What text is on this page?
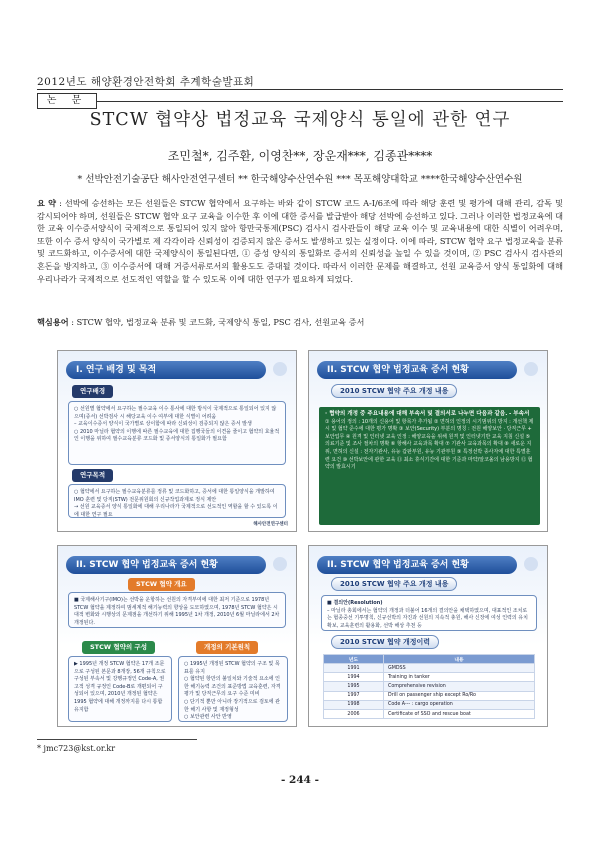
2012년도 해양환경안전학회 추계학술발표회
논 문
STCW 협약상 법정교육 국제양식 통일에 관한 연구
조민철*, 김주환, 이영찬**, 장운재***, 김종관****
* 선박안전기술공단 해사안전연구센터 ** 한국해양수산연수원 *** 목포해양대학교 ****한국해양수산연수원
요 약 : 선박에 승선하는 모든 선원들은 STCW 협약에서 요구하는 바와 같이 STCW 코드 A-I/6조에 따라 해당 훈련 및 평가에 대해 관리, 감독 및 감시되어야 하며, 선원들은 STCW 협약 요구 교육을 이수한 후 이에 대한 증서를 발급받아 해당 선박에 승선하고 있다. 그러나 이러한 법정교육에 대한 교육 이수증서양식이 국제적으로 통일되어 있지 않아 항만국통제(PSC) 검사시 검사관들이 해당 교육 이수 및 교육내용에 대한 식별이 어려우며, 또한 이수 증서 양식이 국가별로 제 각각이라 신뢰성이 검증되지 않은 증서도 발생하고 있는 실정이다. 이에 따라, STCW 협약 요구 법정교육을 분류 및 코드화하고, 이수증서에 대한 국제양식이 통일된다면, ① 증성 양식의 통일화로 증서의 신뢰성을 높일 수 있을 것이며, ② PSC 검사시 검사관의 혼돈을 방지하고, ③ 이수증서에 대해 거증서류로서의 활용도도 증대될 것이다. 따라서 이러한 문제를 해결하고, 선원 교육증서 양식 통일화에 대해 우리나라가 국제적으로 선도적인 역할을 할 수 있도록 이에 대한 연구가 필요하게 되었다.
핵심용어 : STCW 협약, 법정교육 분류 및 코드화, 국제양식 통일, PSC 검사, 선원교육 증서
I. 연구 배경 및 목적
연구배경
○ 선원별 협약에서 요구하는 필수교육 이수 통사에 대한 방식이 국제적으로 통일되어 있지 않으며(증서) 선박검사 시 해당교육 이수 여부에 대한 식별이 어려움
– 교육이수증서 양식이 국가별로 상이함에 따라 신뢰성이 검증되지 않은 증서 발생
○ 2010 마닐라 협약의 이행에 따른 필수교육에 대한 집행국들의 이견을 줄이고 협약의 효율적인 이행을 위하여 필수교육분류 코드화 및 증서양식의 통일화가 필요함
연구목적
○ 협약에서 요구하는 필수교육분류를 정류 및 코드화하고, 증서에 대한 통일양식을 개발하여 IMO 훈련 및 당직(STW) 전문위원회의 신규작업과제로 정식 제안
→ 선원 교육증서 양식 통일화에 대해 우리나라가 국제적으로 선도적인 역할을 할 수 있도록 이에 대한 연구 필요
해사안전연구센터
II. STCW 협약 법정교육 증서 현황
2010 STCW 협약 주요 개정 내용
· 협약의 개정 중 주요내용에 대해 부속서 및 결의서로 나누면 다음과 같음. - 부속서 ① 용어의 정의 : 10개의 신용어 및 항목가 추가됨 ② 면허의 인정의 시기범위의 방지 : 개선책 제시 및 협약 준수에 대한 평가 명확 ③ 보안(Security) 부분의 명칭 : 전원 해양보안 · 당직근무 + 보안업무 ④ 원격 및 인터넷 교육 인정 : 해양교육을 위해 원격 및 인터넷기반 교육 지침 신설 ⑤ 의료기준 및 조사 절차의 명확 ⑥ 항해사 교육과목 확대 ⑦ 기관사 교육과목의 확대 ⑧ 새로운 지위, 면허의 신설 : 전자기관사, 유능 갑판부원, 유능 기관부원 ⑨ 특정선박 종사자에 대한 특별훈련 요건 ⑩ 선박보안에 관한 교육 ⑪ 최소 휴식기간에 대한 기준과 마약/알코올의 남용방지 ⑫ 협약의 발효시기
II. STCW 협약 법정교육 증서 현황
STCW 협약 개요
■ 국제해사기구(IMO)는 선박을 운항하는 선원의 자격부여에 대한 최저 기준으로 1978년 STCW 협약을 제정하여 범세계적 해기능력의 향상을 도모하였으며, 1978년 STCW 협약은 시대적 변화와 시행상의 문제점을 개선하기 위해 1995년 1차 개정, 2010년 6월 마닐라에서 2차 개정된다.
STCW 협약의 구성	개정의 기본원칙
▶ 1995년 개정 STCW 협약은 17개 조문으로 구성된 본문과 8개장, 56개 규칙으로 구성된 부속서 및 강행규정인 Code-A, 권고적 성격 규정인 Code-B로 개편되어 구성되어 있으며, 2010년 개정된 협약은 1995 협약에 대해 개정까지를 다시 통합 유지함
○ 1995년 개정된 STCW 협약의 구조 및 목표를 유지
○ 협약된 항만의 불일치와 기술적 요소에 인한 해기능력 조건의 표준방법 교육훈련, 자격 평가 및 당직근무의 요구 수준 미비
○ 단기적 뿐만 아니라 장기적으로 검토에 관한 해기 사항 및 재정형성
○ 보안관련 사안 반영
II. STCW 협약 법정교육 증서 현황
2010 STCW 협약 주요 개정 내용
■ 결의안(Resolution)
– 마닐라 총회에서는 협약의 개정과 더불어 16개의 결의안을 채택하였으며, 대표적인 조치로는 협종중선 기투명칙, 신규선박의 자진과 선원의 지속적 총원, 해사 신장에 여성 인력의 유치확보, 교육훈련의 활용화, 선박 해상 추천 등
2010 STCW 협약 개정이력
년도	내용
1991	GMDSS
1994	Training in tanker
1995	Comprehensive revision
1997	Drill on passenger ship except Ro/Ro
1998	Code A--- : cargo operation
2006	Certificate of SSO and rescue boat
* jmc723@kst.or.kr
- 244 -
